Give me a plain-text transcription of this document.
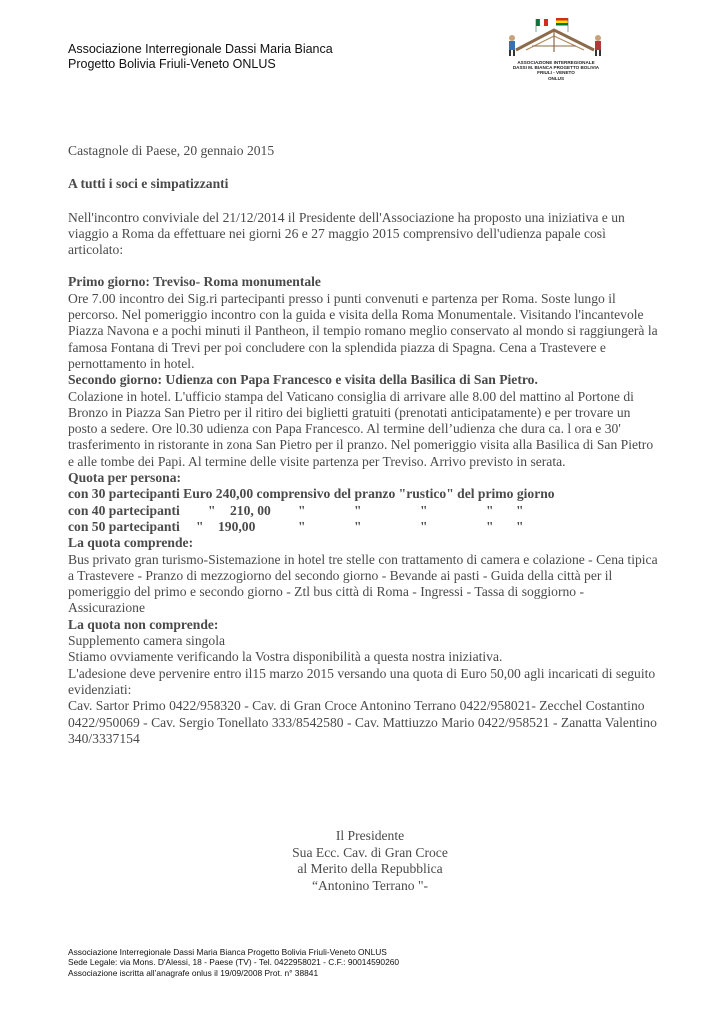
Associazione Interregionale Dassi Maria Bianca
Progetto Bolivia Friuli-Veneto ONLUS	ASSOCIAZIONE INTERREGIONALE
DASSI M. BIANCA PROGETTO BOLIVIA
FRIULI - VENETO
ONLUS

Castagnole di Paese, 20 gennaio 2015

A tutti i soci e simpatizzanti

Nell'incontro conviviale del 21/12/2014 il Presidente dell'Associazione ha proposto una iniziativa e un viaggio a Roma da effettuare nei giorni 26 e 27 maggio 2015 comprensivo dell'udienza papale così articolato:

Primo giorno: Treviso- Roma monumentale

Ore 7.00 incontro dei Sig.ri partecipanti presso i punti convenuti e partenza per Roma. Soste lungo il percorso. Nel pomeriggio incontro con la guida e visita della Roma Monumentale. Visitando l'incantevole Piazza Navona e a pochi minuti il Pantheon, il tempio romano meglio conservato al mondo si raggiungerà la famosa Fontana di Trevi per poi concludere con la splendida piazza di Spagna. Cena a Trastevere e pernottamento in hotel.

Secondo giorno: Udienza con Papa Francesco e visita della Basilica di San Pietro.

Colazione in hotel. L'ufficio stampa del Vaticano consiglia di arrivare alle 8.00 del mattino al Portone di Bronzo in Piazza San Pietro per il ritiro dei biglietti gratuiti (prenotati anticipatamente) e per trovare un posto a sedere. Ore l0.30 udienza con Papa Francesco. Al termine dell’udienza che dura ca. l ora e 30' trasferimento in ristorante in zona San Pietro per il pranzo. Nel pomeriggio visita alla Basilica di San Pietro e alle tombe dei Papi. Al termine delle visite partenza per Treviso. Arrivo previsto in serata.

Quota per persona:

con 30 partecipanti Euro 240,00 comprensivo del pranzo "rustico" del primo giorno

con 40 partecipanti	"	210, 00	"	"	"	"	"
con 50 partecipanti	"	190,00	"	"	"	"	"

La quota comprende:

Bus privato gran turismo-Sistemazione in hotel tre stelle con trattamento di camera e colazione - Cena tipica a Trastevere - Pranzo di mezzogiorno del secondo giorno - Bevande ai pasti - Guida della città per il pomeriggio del primo e secondo giorno - Ztl bus città di Roma - Ingressi - Tassa di soggiorno - Assicurazione

La quota non comprende:

Supplemento camera singola

Stiamo ovviamente verificando la Vostra disponibilità a questa nostra iniziativa.

L'adesione deve pervenire entro il15 marzo 2015 versando una quota di Euro 50,00 agli incaricati di seguito evidenziati:

Cav. Sartor Primo 0422/958320 - Cav. di Gran Croce Antonino Terrano 0422/958021- Zecchel Costantino 0422/950069 - Cav. Sergio Tonellato 333/8542580 - Cav. Mattiuzzo Mario 0422/958521 - Zanatta Valentino 340/3337154

Il Presidente
Sua Ecc. Cav. di Gran Croce
al Merito della Repubblica
“Antonino Terrano "-
Associazione Interregionale Dassi Maria Bianca Progetto Bolivia Friuli-Veneto ONLUS
Sede Legale: via Mons. D'Alessi, 18 - Paese (TV) - Tel. 0422958021 - C.F.: 90014590260
Associazione iscritta all’anagrafe onlus il 19/09/2008 Prot. n° 38841
